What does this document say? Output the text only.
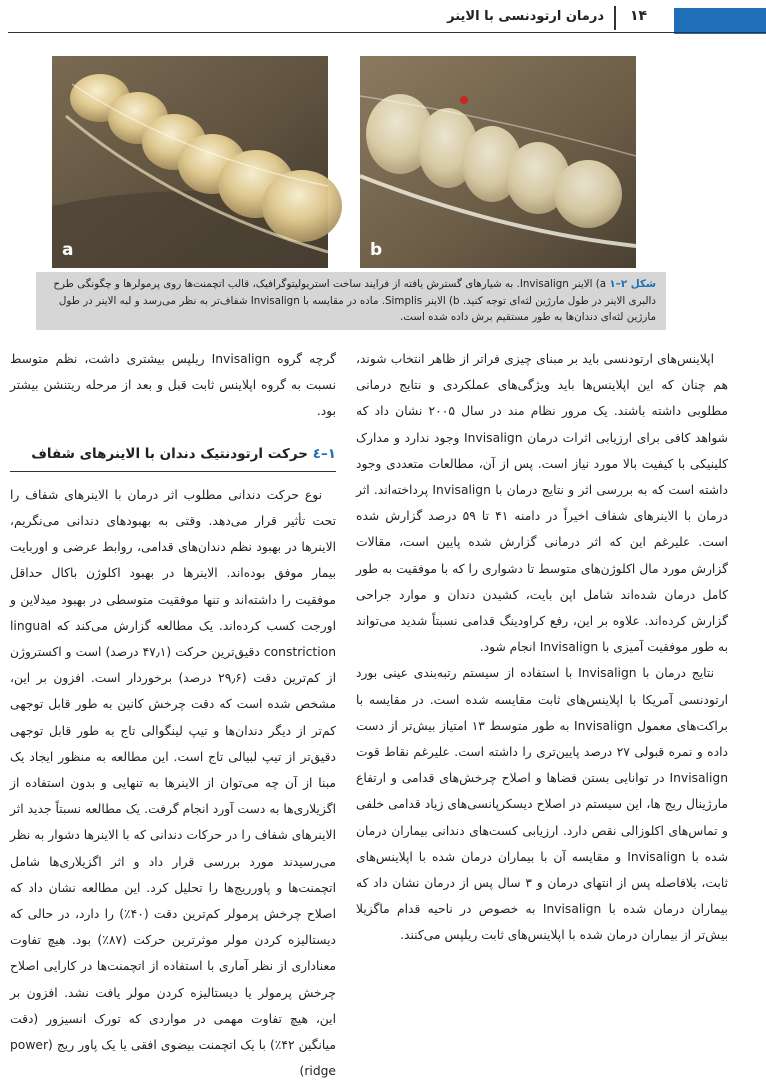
۱۴
درمان ارتودنسی با الاینر
a	b
شکل ۲–۱ a) الاینر Invisalign. به شیارهای گسترش یافته از فرایند ساخت استریولیتوگرافیک، قالب اتچمنت‌ها روی پرمولرها و چگونگی طرح دالبری الاینر در طول مارژین لثه‌ای توجه کنید. b) الاینر Simplis. ماده در مقایسه با Invisalign شفاف‌تر به نظر می‌رسد و لبه الاینر در طول مارژین لثه‌ای دندان‌ها به طور مستقیم برش داده شده است.

اپلاینس‌های ارتودنسی باید بر مبنای چیزی فراتر از ظاهر انتخاب شوند، هم چنان که این اپلاینس‌ها باید ویژگی‌های عملکردی و نتایج درمانی مطلوبی داشته باشند. یک مرور نظام مند در سال ۲۰۰۵ نشان داد که شواهد کافی برای ارزیابی اثرات درمان Invisalign وجود ندارد و مدارک کلینیکی با کیفیت بالا مورد نیاز است. پس از آن، مطالعات متعددی وجود داشته است که به بررسی اثر و نتایج درمان با Invisalign پرداخته‌اند. اثر درمان با الاینرهای شفاف اخیراً در دامنه ۴۱ تا ۵۹ درصد گزارش شده است. علیرغم این که اثر درمانی گزارش شده پایین است، مقالات گزارش مورد مال اکلوژن‌های متوسط تا دشواری را که با موفقیت به طور کامل درمان شده‌اند شامل اپن بایت، کشیدن دندان و موارد جراحی گزارش کرده‌اند. علاوه بر این، رفع کراودینگ قدامی نسبتاً شدید می‌تواند به طور موفقیت آمیزی با Invisalign انجام شود.

نتایج درمان با Invisalign با استفاده از سیستم رتبه‌بندی عینی بورد ارتودنسی آمریکا با اپلاینس‌های ثابت مقایسه شده است. در مقایسه با براکت‌های معمول Invisalign به طور متوسط ۱۳ امتیاز بیش‌تر از دست داده و نمره قبولی ۲۷ درصد پایین‌تری را داشته است. علیرغم نقاط قوت Invisalign در توانایی بستن فضاها و اصلاح چرخش‌های قدامی و ارتفاع مارژینال ریج ها، این سیستم در اصلاح دیسکرپانسی‌های زیاد قدامی خلفی و تماس‌های اکلوزالی نقص دارد. ارزیابی کست‌های دندانی بیماران درمان شده با Invisalign و مقایسه آن با بیماران درمان شده با اپلاینس‌های ثابت، بلافاصله پس از انتهای درمان و ۳ سال پس از درمان نشان داد که بیماران درمان شده با Invisalign به خصوص در ناحیه قدام ماگزیلا بیش‌تر از بیماران درمان شده با اپلاینس‌های ثابت ریلپس می‌کنند.

گرچه گروه Invisalign ریلپس بیشتری داشت، نظم متوسط نسبت به گروه اپلاینس ثابت قبل و بعد از مرحله ریتنشن بیشتر بود.

۱–٤ حرکت ارتودنتیک دندان با الاینرهای شفاف

نوع حرکت دندانی مطلوب اثر درمان با الاینرهای شفاف را تحت تأثیر قرار می‌دهد. وقتی به بهبودهای دندانی می‌نگریم، الاینرها در بهبود نظم دندان‌های قدامی، روابط عرضی و اوربایت بیمار موفق بوده‌اند. الاینرها در بهبود اکلوژن باکال حداقل موفقیت را داشته‌اند و تنها موفقیت متوسطی در بهبود میدلاین و اورجت کسب کرده‌اند. یک مطالعه گزارش می‌کند که lingual constriction دقیق‌ترین حرکت (۴۷٫۱ درصد) است و اکستروژن از کم‌ترین دقت (۲۹٫۶ درصد) برخوردار است. افزون بر این، مشخص شده است که دقت چرخش کانین به طور قابل توجهی کم‌تر از دیگر دندان‌ها و تیپ لینگوالی تاج به طور قابل توجهی دقیق‌تر از تیپ لبیالی تاج است. این مطالعه به منظور ایجاد یک مبنا از آن چه می‌توان از الاینرها به تنهایی و بدون استفاده از اگزیلاری‌ها به دست آورد انجام گرفت. یک مطالعه نسبتاً جدید اثر الاینرهای شفاف را در حرکات دندانی که با الاینرها دشوار به نظر می‌رسیدند مورد بررسی قرار داد و اثر اگزیلاری‌ها شامل اتچمنت‌ها و پاورریج‌ها را تحلیل کرد. این مطالعه نشان داد که اصلاح چرخش پرمولر کم‌ترین دقت (۴۰٪) را دارد، در حالی که دیستالیزه کردن مولر موثرترین حرکت (۸۷٪) بود. هیچ تفاوت معناداری از نظر آماری با استفاده از اتچمنت‌ها در کارایی اصلاح چرخش پرمولر یا دیستالیزه کردن مولر یافت نشد. افزون بر این، هیچ تفاوت مهمی در مواردی که تورک انسیزور (دقت میانگین ۴۲٪) با یک اتچمنت بیضوی افقی یا یک پاور ریج (power ridge)
